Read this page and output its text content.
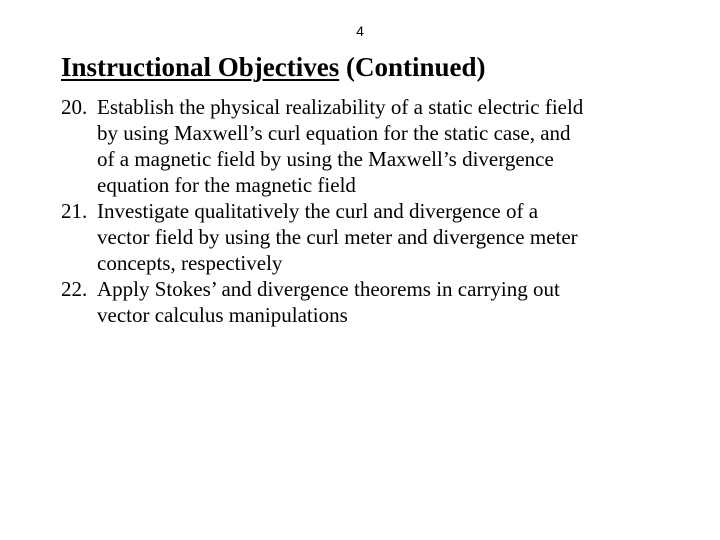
4
Instructional Objectives (Continued)
20. Establish the physical realizability of a static electric field
by using Maxwell’s curl equation for the static case, and
of a magnetic field by using the Maxwell’s divergence
equation for the magnetic field
21. Investigate qualitatively the curl and divergence of a
vector field by using the curl meter and divergence meter
concepts, respectively
22. Apply Stokes’ and divergence theorems in carrying out
vector calculus manipulations
